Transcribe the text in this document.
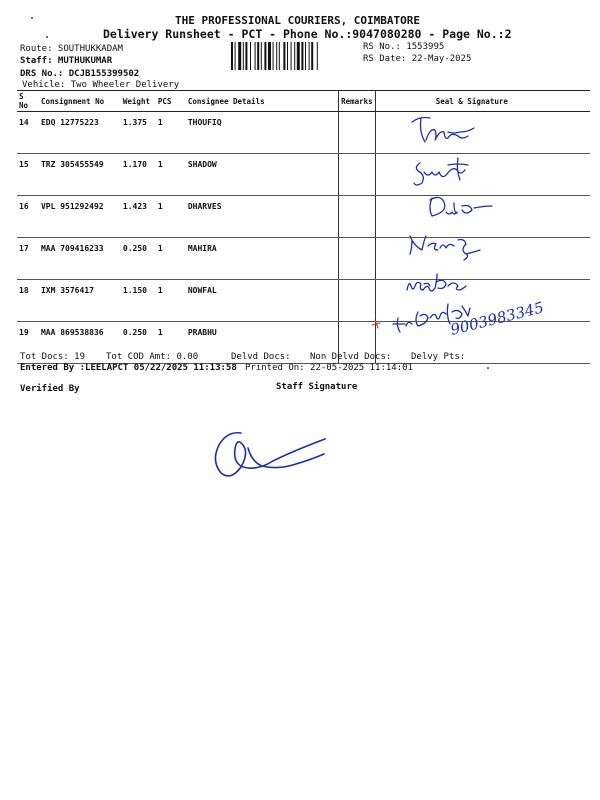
THE PROFESSIONAL COURIERS, COIMBATORE
Delivery Runsheet - PCT - Phone No.:9047080280 - Page No.:2
Route: SOUTHUKKADAM
Staff: MUTHUKUMAR
DRS No.: DCJB155399502
Vehicle: Two Wheeler Delivery
RS No.: 1553995
RS Date: 22-May-2025
S No	Consignment No	Weight	PCS	Consignee Details	Remarks	Seal & Signature
14	EDQ 12775223	1.375	1	THOUFIQ		
15	TRZ 305455549	1.170	1	SHADOW		
16	VPL 951292492	1.423	1	DHARVES		
17	MAA 709416233	0.250	1	MAHIRA		
18	IXM 3576417	1.150	1	NOWFAL		
19	MAA 869538836	0.250	1	PRABHU			9003983345
Tot Docs: 19 Tot COD Amt: 0.00	Delvd Docs: Non Delvd Docs: Delvy Pts:
Entered By :LEELAPCT 05/22/2025 11:13:58 Printed On: 22-05-2025 11:14:01
Verified By	Staff Signature
